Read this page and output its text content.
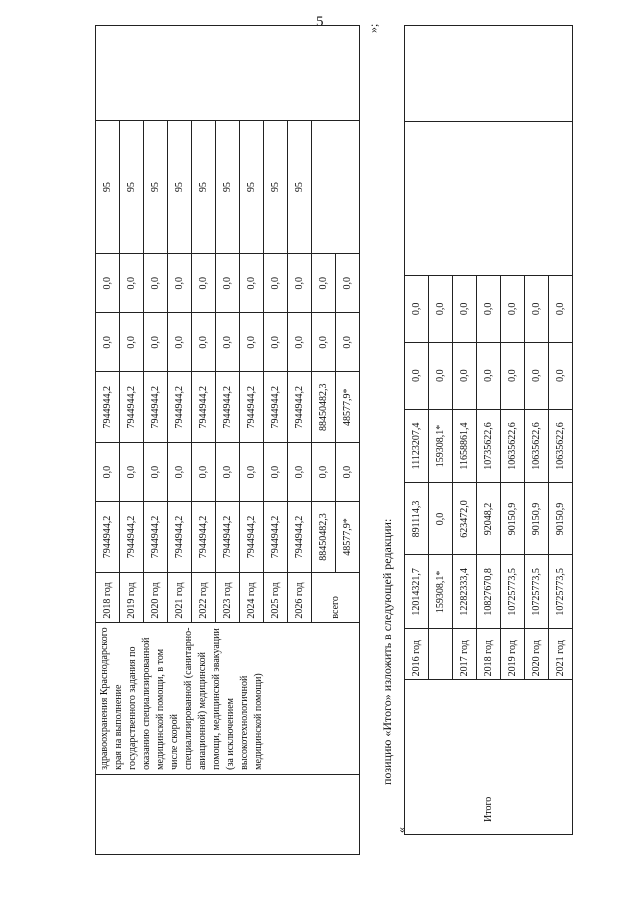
5
	здравоохранения Краснодарского края на выполнение государственного задания по оказанию специализированной медицинской помощи, в том числе скорой специализированной (санитарно-авиационной) медицинской помощи, медицинской эвакуации (за исключением высокотехнологичной медицинской помощи)	2018 год	7944944,2	0,0	7944944,2	0,0	0,0	95	
		2019 год	7944944,2	0,0	7944944,2	0,0	0,0	95	
		2020 год	7944944,2	0,0	7944944,2	0,0	0,0	95	
		2021 год	7944944,2	0,0	7944944,2	0,0	0,0	95	
		2022 год	7944944,2	0,0	7944944,2	0,0	0,0	95	
		2023 год	7944944,2	0,0	7944944,2	0,0	0,0	95	
		2024 год	7944944,2	0,0	7944944,2	0,0	0,0	95	
		2025 год	7944944,2	0,0	7944944,2	0,0	0,0	95	
		2026 год	7944944,2	0,0	7944944,2	0,0	0,0	95	
		всего	88450482,3	0,0	88450482,3	0,0	0,0		
			48577,9*	0,0	48577,9*	0,0	0,0		
позицию «Итого» изложить в следующей редакции:
«
»;
Итого	2016 год	12014321,7	891114,3	11123207,4	0,0	0,0		
		159308,1*	0,0	159308,1*	0,0	0,0		
	2017 год	12282333,4	623472,0	11658861,4	0,0	0,0		
	2018 год	10827670,8	92048,2	10735622,6	0,0	0,0		
	2019 год	10725773,5	90150,9	10635622,6	0,0	0,0		
	2020 год	10725773,5	90150,9	10635622,6	0,0	0,0		
	2021 год	10725773,5	90150,9	10635622,6	0,0	0,0		
